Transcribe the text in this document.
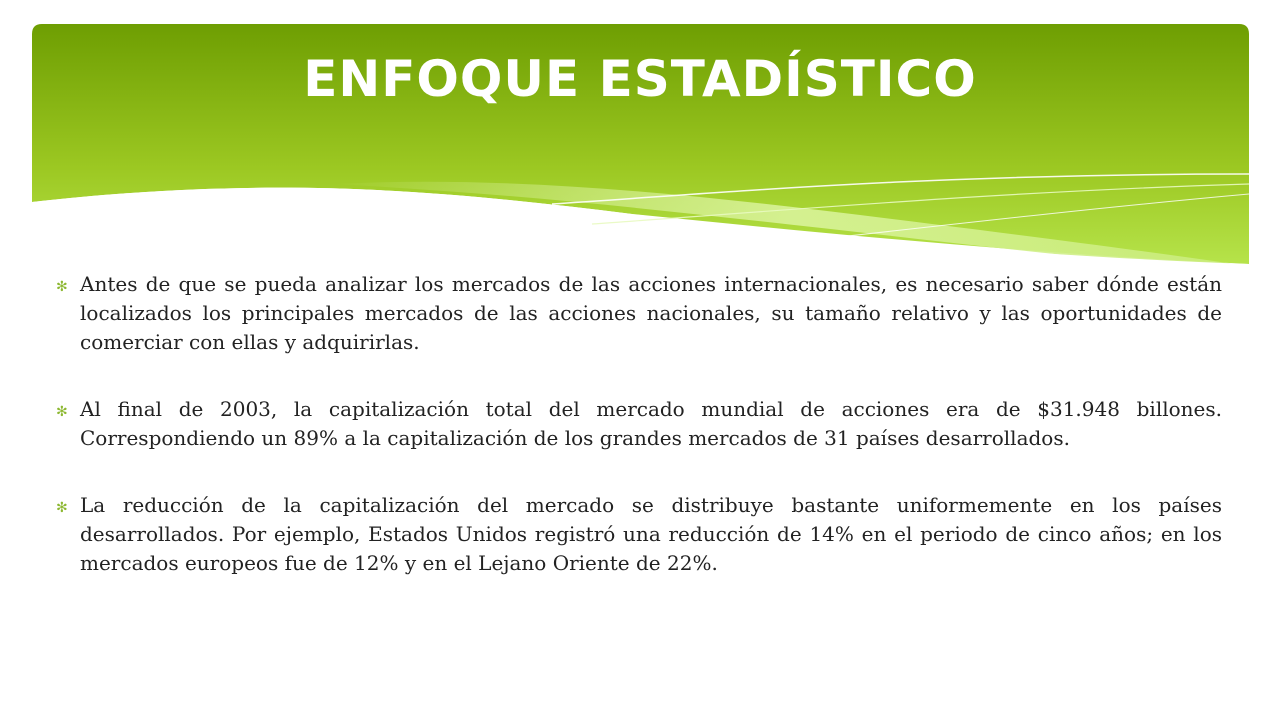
ENFOQUE ESTADÍSTICO
✻ Antes de que se pueda analizar los mercados de las acciones internacionales, es necesario saber dónde están localizados los principales mercados de las acciones nacionales, su tamaño relativo y las oportunidades de comerciar con ellas y adquirirlas.
✻ Al final de 2003, la capitalización total del mercado mundial de acciones era de $31.948 billones. Correspondiendo un 89% a la capitalización de los grandes mercados de 31 países desarrollados.
✻ La reducción de la capitalización del mercado se distribuye bastante uniformemente en los países desarrollados. Por ejemplo, Estados Unidos registró una reducción de 14% en el periodo de cinco años; en los mercados europeos fue de 12% y en el Lejano Oriente de 22%.
